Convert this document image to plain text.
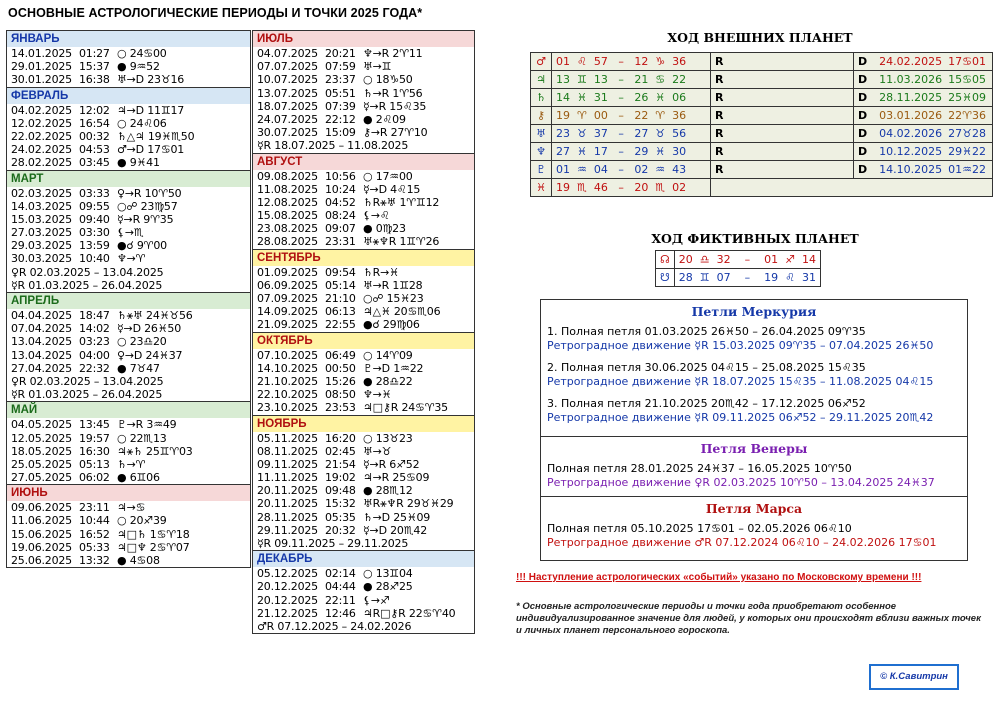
ОСНОВНЫЕ АСТРОЛОГИЧЕСКИЕ ПЕРИОДЫ И ТОЧКИ 2025 ГОДА*
ЯНВАРЬ
14.01.2025 01:27 ○ 24♋00
29.01.2025 15:37 ● 9♒52
30.01.2025 16:38 ♅→D 23♉16
ФЕВРАЛЬ
04.02.2025 12:02 ♃→D 11♊17
12.02.2025 16:54 ○ 24♌06
22.02.2025 00:32 ♄△♃ 19♓♏50
24.02.2025 04:53 ♂→D 17♋01
28.02.2025 03:45 ● 9♓41
МАРТ
02.03.2025 03:33 ♀→R 10♈50
14.03.2025 09:55 ○☍ 23♍57
15.03.2025 09:40 ☿→R 9♈35
27.03.2025 03:30 ⚸→♏
29.03.2025 13:59 ●☌ 9♈00
30.03.2025 10:40 ♆→♈
♀R 02.03.2025 – 13.04.2025
☿R 01.03.2025 – 26.04.2025
АПРЕЛЬ
04.04.2025 18:47 ♄⚹♅ 24♓♉56
07.04.2025 14:02 ☿→D 26♓50
13.04.2025 03:23 ○ 23♎20
13.04.2025 04:00 ♀→D 24♓37
27.04.2025 22:32 ● 7♉47
♀R 02.03.2025 – 13.04.2025
☿R 01.03.2025 – 26.04.2025
МАЙ
04.05.2025 13:45 ♇→R 3♒49
12.05.2025 19:57 ○ 22♏13
18.05.2025 16:30 ♃⚹♄ 25♊♈03
25.05.2025 05:13 ♄→♈
27.05.2025 06:02 ● 6♊06
ИЮНЬ
09.06.2025 23:11 ♃→♋
11.06.2025 10:44 ○ 20♐39
15.06.2025 16:52 ♃□♄ 1♋♈18
19.06.2025 05:33 ♃□♆ 2♋♈07
25.06.2025 13:32 ● 4♋08
ИЮЛЬ
04.07.2025 20:21 ♆→R 2♈11
07.07.2025 07:59 ♅→♊
10.07.2025 23:37 ○ 18♑50
13.07.2025 05:51 ♄→R 1♈56
18.07.2025 07:39 ☿→R 15♌35
24.07.2025 22:12 ● 2♌09
30.07.2025 15:09 ⚷→R 27♈10
☿R 18.07.2025 – 11.08.2025
АВГУСТ
09.08.2025 10:56 ○ 17♒00
11.08.2025 10:24 ☿→D 4♌15
12.08.2025 04:52 ♄R⚹♅ 1♈♊12
15.08.2025 08:24 ⚸→♌
23.08.2025 09:07 ● 0♍23
28.08.2025 23:31 ♅⚹♆R 1♊♈26
СЕНТЯБРЬ
01.09.2025 09:54 ♄R→♓
06.09.2025 05:14 ♅→R 1♊28
07.09.2025 21:10 ○☍ 15♓23
14.09.2025 06:13 ♃△♓ 20♋♏06
21.09.2025 22:55 ●☌ 29♍06
ОКТЯБРЬ
07.10.2025 06:49 ○ 14♈09
14.10.2025 00:50 ♇→D 1♒22
21.10.2025 15:26 ● 28♎22
22.10.2025 08:50 ♆→♓
23.10.2025 23:53 ♃□⚷R 24♋♈35
НОЯБРЬ
05.11.2025 16:20 ○ 13♉23
08.11.2025 02:45 ♅→♉
09.11.2025 21:54 ☿→R 6♐52
11.11.2025 19:02 ♃→R 25♋09
20.11.2025 09:48 ● 28♏12
20.11.2025 15:32 ♅R⚹♆R 29♉♓29
28.11.2025 05:35 ♄→D 25♓09
29.11.2025 20:32 ☿→D 20♏42
☿R 09.11.2025 – 29.11.2025
ДЕКАБРЬ
05.12.2025 02:14 ○ 13♊04
20.12.2025 04:44 ● 28♐25
20.12.2025 22:11 ⚸→♐
21.12.2025 12:46 ♃R□⚷R 22♋♈40
♂R 07.12.2025 – 24.02.2026
ХОД ВНЕШНИХ ПЛАНЕТ
♂	01  ♌  57   –   12  ♑  36	R	D 24.02.2025 17♋01
♃	13  ♊  13   –   21  ♋  22	R	D 11.03.2026 15♋05
♄	14  ♓  31   –   26  ♓  06	R	D 28.11.2025 25♓09
⚷	19  ♈  00   –   22  ♈  36	R	D 03.01.2026 22♈36
♅	23  ♉  37   –   27  ♉  56	R	D 04.02.2026 27♉28
♆	27  ♓  17   –   29  ♓  30	R	D 10.12.2025 29♓22
♇	01  ♒  04   –   02  ♒  43	R	D 14.10.2025 01♒22
♓	19  ♏  46   –   20  ♏  02		
ХОД ФИКТИВНЫХ ПЛАНЕТ
☊	20  ♎  32    –    01  ♐  14
☋	28  ♊  07    –    19  ♌  31
Петли Меркурия
1. Полная петля 01.03.2025 26♓50 – 26.04.2025 09♈35
Ретроградное движение ☿R 15.03.2025 09♈35 – 07.04.2025 26♓50
2. Полная петля 30.06.2025 04♌15 – 25.08.2025 15♌35
Ретроградное движение ☿R 18.07.2025 15♌35 – 11.08.2025 04♌15
3. Полная петля 21.10.2025 20♏42 – 17.12.2025 06♐52
Ретроградное движение ☿R 09.11.2025 06♐52 – 29.11.2025 20♏42
Петля Венеры
Полная петля 28.01.2025 24♓37 – 16.05.2025 10♈50
Ретроградное движение ♀R 02.03.2025 10♈50 – 13.04.2025 24♓37
Петля Марса
Полная петля 05.10.2025 17♋01 – 02.05.2026 06♌10
Ретроградное движение ♂R 07.12.2024 06♌10 – 24.02.2026 17♋01
!!! Наступление астрологических «событий» указано по Московскому времени !!!
* Основные астрологические периоды и точки года приобретают особенное индивидуализированное значение для людей, у которых они происходят вблизи важных точек и личных планет персонального гороскопа.
© К.Савитрин
